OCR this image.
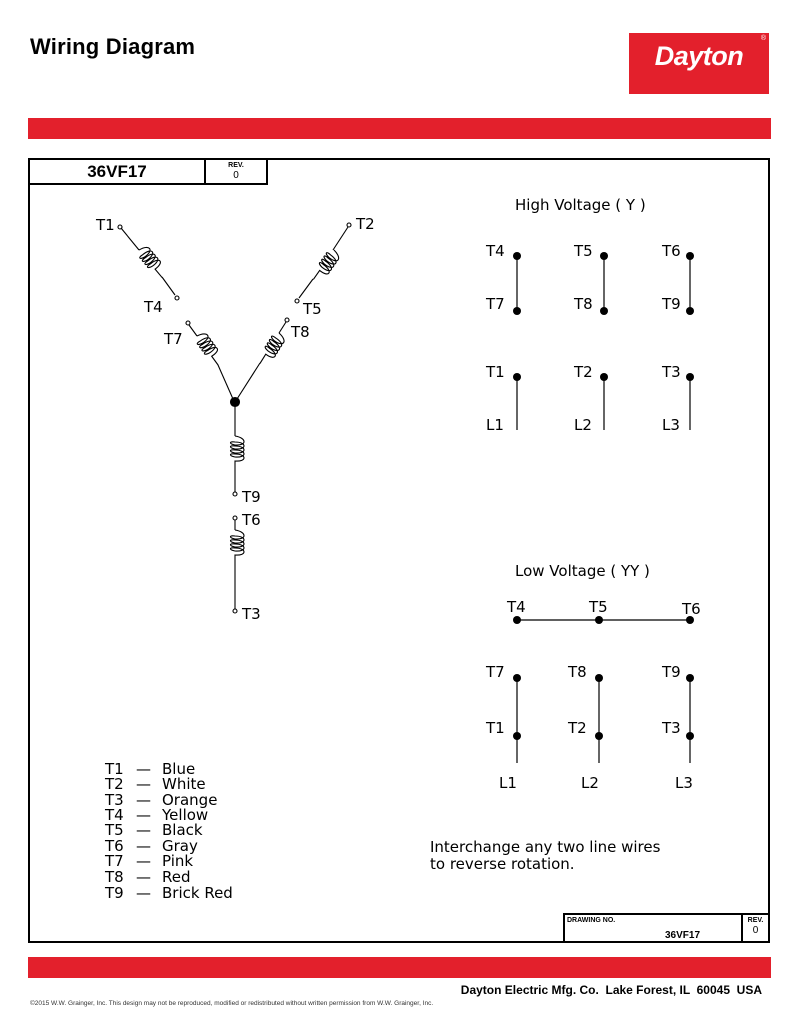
Wiring Diagram	Dayton
®
36VF17	REV.
0
T1	T2
T4	T5
T7	T8
T9
T6
T3
High Voltage ( Y )
T4
T7
T5
T8
T6
T9
T1
L1
T2
L2
T3
L3
Low Voltage ( YY )
T4	T5	T6
T7
T1
L1
T8
T2
L2
T9
T3
L3
T1 — Blue
T2 — White
T3 — Orange
T4 — Yellow
T5 — Black
T6 — Gray
T7 — Pink
T8 — Red
T9 — Brick Red
Interchange any two line wires
to reverse rotation.
DRAWING NO.
36VF17
REV.
0
Dayton Electric Mfg. Co.  Lake Forest, IL  60045  USA
©2015 W.W. Grainger, Inc. This design may not be reproduced, modified or redistributed without written permission from W.W. Grainger, Inc.
